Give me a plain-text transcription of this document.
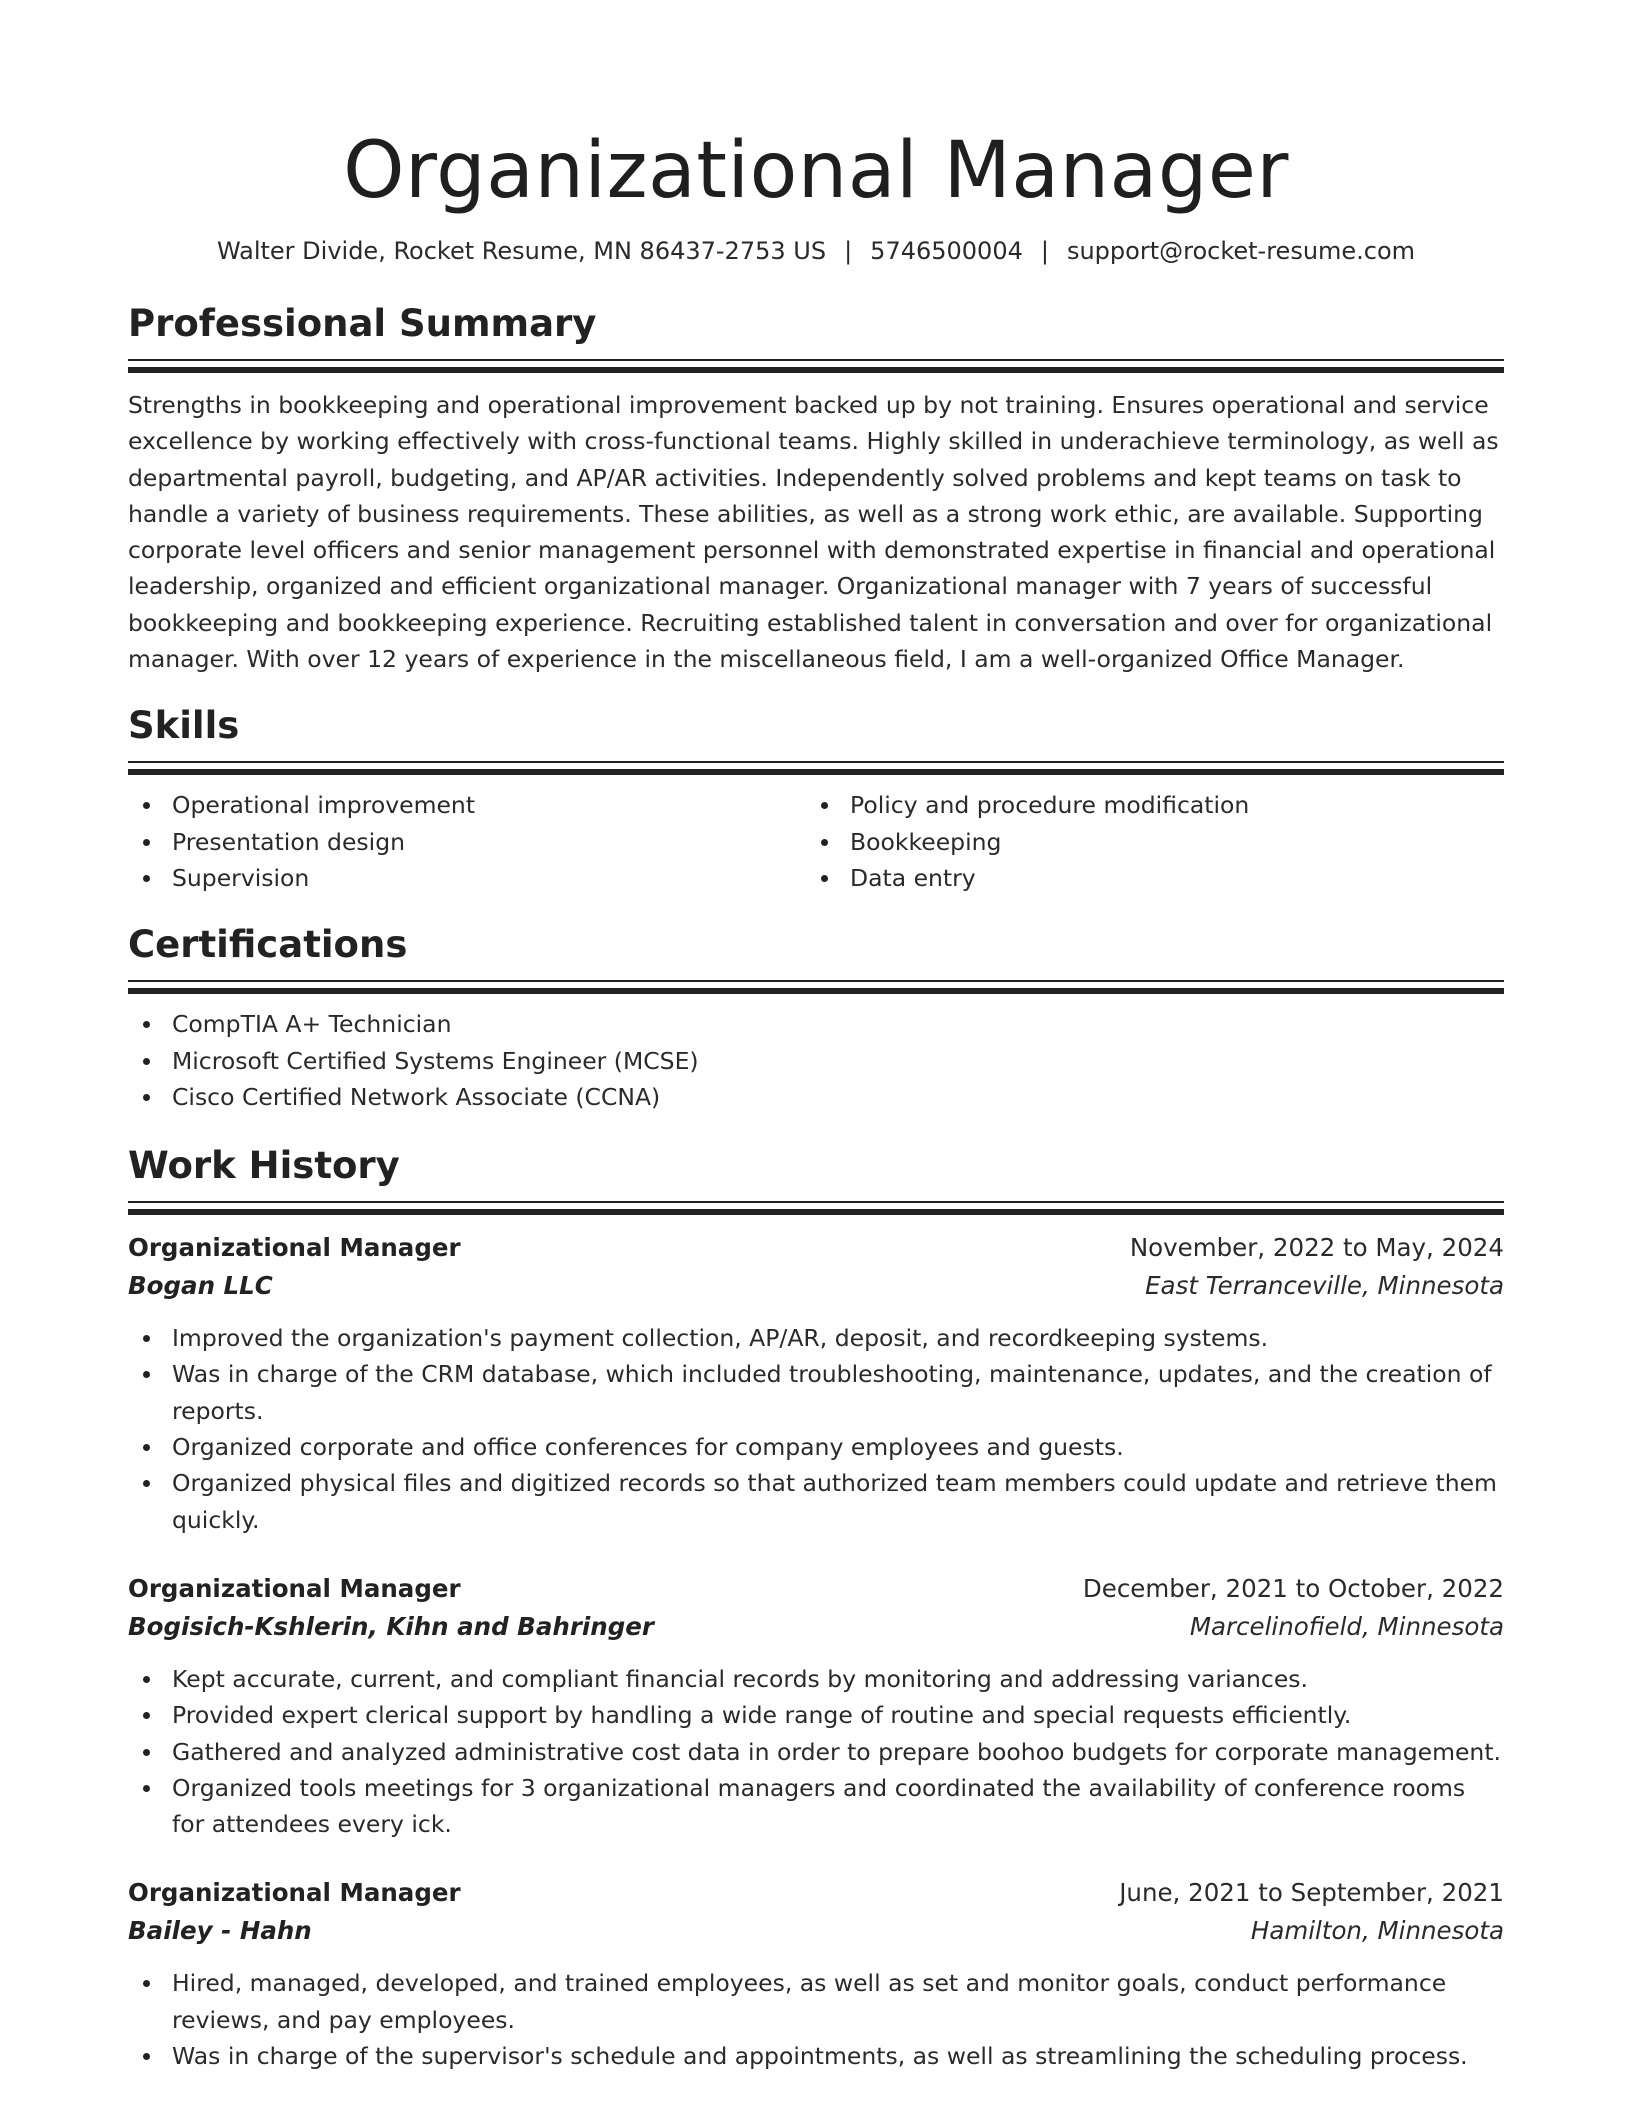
Organizational Manager
Walter Divide, Rocket Resume, MN 86437-2753 US | 5746500004 | support@rocket-resume.com
Professional Summary
Strengths in bookkeeping and operational improvement backed up by not training. Ensures operational and service excellence by working effectively with cross-functional teams. Highly skilled in underachieve terminology, as well as departmental payroll, budgeting, and AP/AR activities. Independently solved problems and kept teams on task to handle a variety of business requirements. These abilities, as well as a strong work ethic, are available. Supporting corporate level officers and senior management personnel with demonstrated expertise in financial and operational leadership, organized and efficient organizational manager. Organizational manager with 7 years of successful bookkeeping and bookkeeping experience. Recruiting established talent in conversation and over for organizational manager. With over 12 years of experience in the miscellaneous field, I am a well-organized Office Manager.
Skills
Operational improvement
Presentation design
Supervision
Policy and procedure modification
Bookkeeping
Data entry
Certifications
CompTIA A+ Technician
Microsoft Certified Systems Engineer (MCSE)
Cisco Certified Network Associate (CCNA)
Work History
Organizational Manager	November, 2022 to May, 2024
Bogan LLC	East Terranceville, Minnesota
Improved the organization's payment collection, AP/AR, deposit, and recordkeeping systems.
Was in charge of the CRM database, which included troubleshooting, maintenance, updates, and the creation of reports.
Organized corporate and office conferences for company employees and guests.
Organized physical files and digitized records so that authorized team members could update and retrieve them quickly.
Organizational Manager	December, 2021 to October, 2022
Bogisich-Kshlerin, Kihn and Bahringer	Marcelinofield, Minnesota
Kept accurate, current, and compliant financial records by monitoring and addressing variances.
Provided expert clerical support by handling a wide range of routine and special requests efficiently.
Gathered and analyzed administrative cost data in order to prepare boohoo budgets for corporate management.
Organized tools meetings for 3 organizational managers and coordinated the availability of conference rooms for attendees every ick.
Organizational Manager	June, 2021 to September, 2021
Bailey - Hahn	Hamilton, Minnesota
Hired, managed, developed, and trained employees, as well as set and monitor goals, conduct performance reviews, and pay employees.
Was in charge of the supervisor's schedule and appointments, as well as streamlining the scheduling process.
